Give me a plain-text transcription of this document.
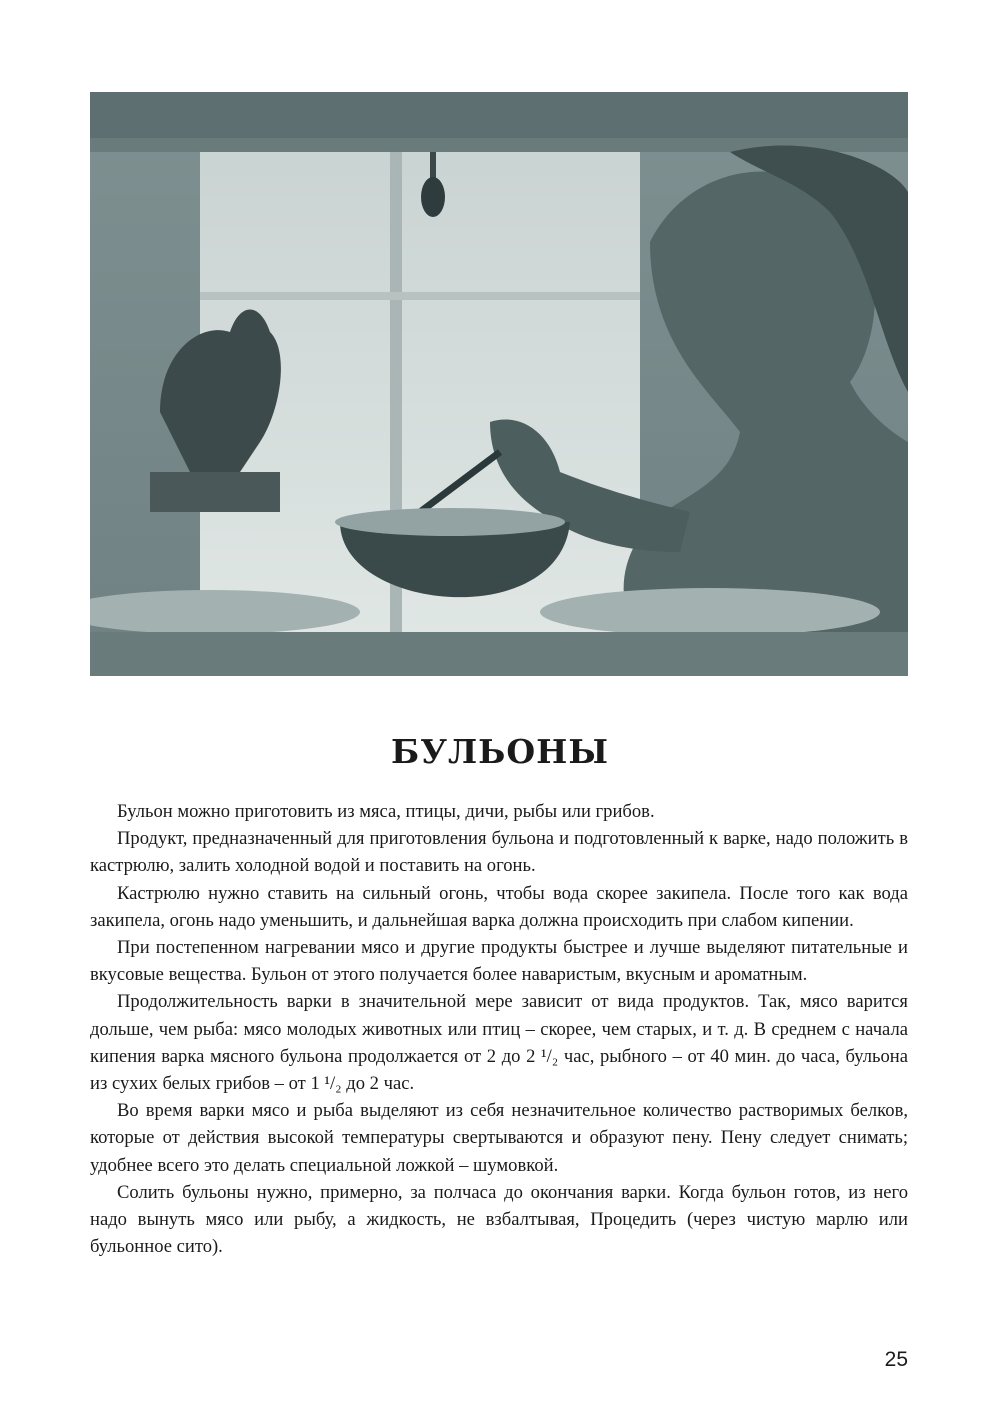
БУЛЬОНЫ

Бульон можно приготовить из мяса, птицы, дичи, рыбы или грибов.

Продукт, предназначенный для приготовления бульона и подготовленный к варке, надо положить в кастрюлю, залить холодной водой и поставить на огонь.

Кастрюлю нужно ставить на сильный огонь, чтобы вода скорее закипела. После того как вода закипела, огонь надо уменьшить, и дальнейшая варка должна происходить при слабом кипении.

При постепенном нагревании мясо и другие продукты быстрее и лучше выделяют питательные и вкусовые вещества. Бульон от этого получается более наваристым, вкусным и ароматным.

Продолжительность варки в значительной мере зависит от вида продуктов. Так, мясо варится дольше, чем рыба: мясо молодых животных или птиц – скорее, чем старых, и т. д. В среднем с начала кипения варка мясного бульона продолжается от 2 до 2 ¹/₂ час, рыбного – от 40 мин. до часа, бульона из сухих белых грибов – от 1 ¹/₂ до 2 час.

Во время варки мясо и рыба выделяют из себя незначительное количество растворимых белков, которые от действия высокой температуры свертываются и образуют пену. Пену следует снимать; удобнее всего это делать специальной ложкой – шумовкой.

Солить бульоны нужно, примерно, за полчаса до окончания варки. Когда бульон готов, из него надо вынуть мясо или рыбу, а жидкость, не взбалтывая, Процедить (через чистую марлю или бульонное сито).

25
